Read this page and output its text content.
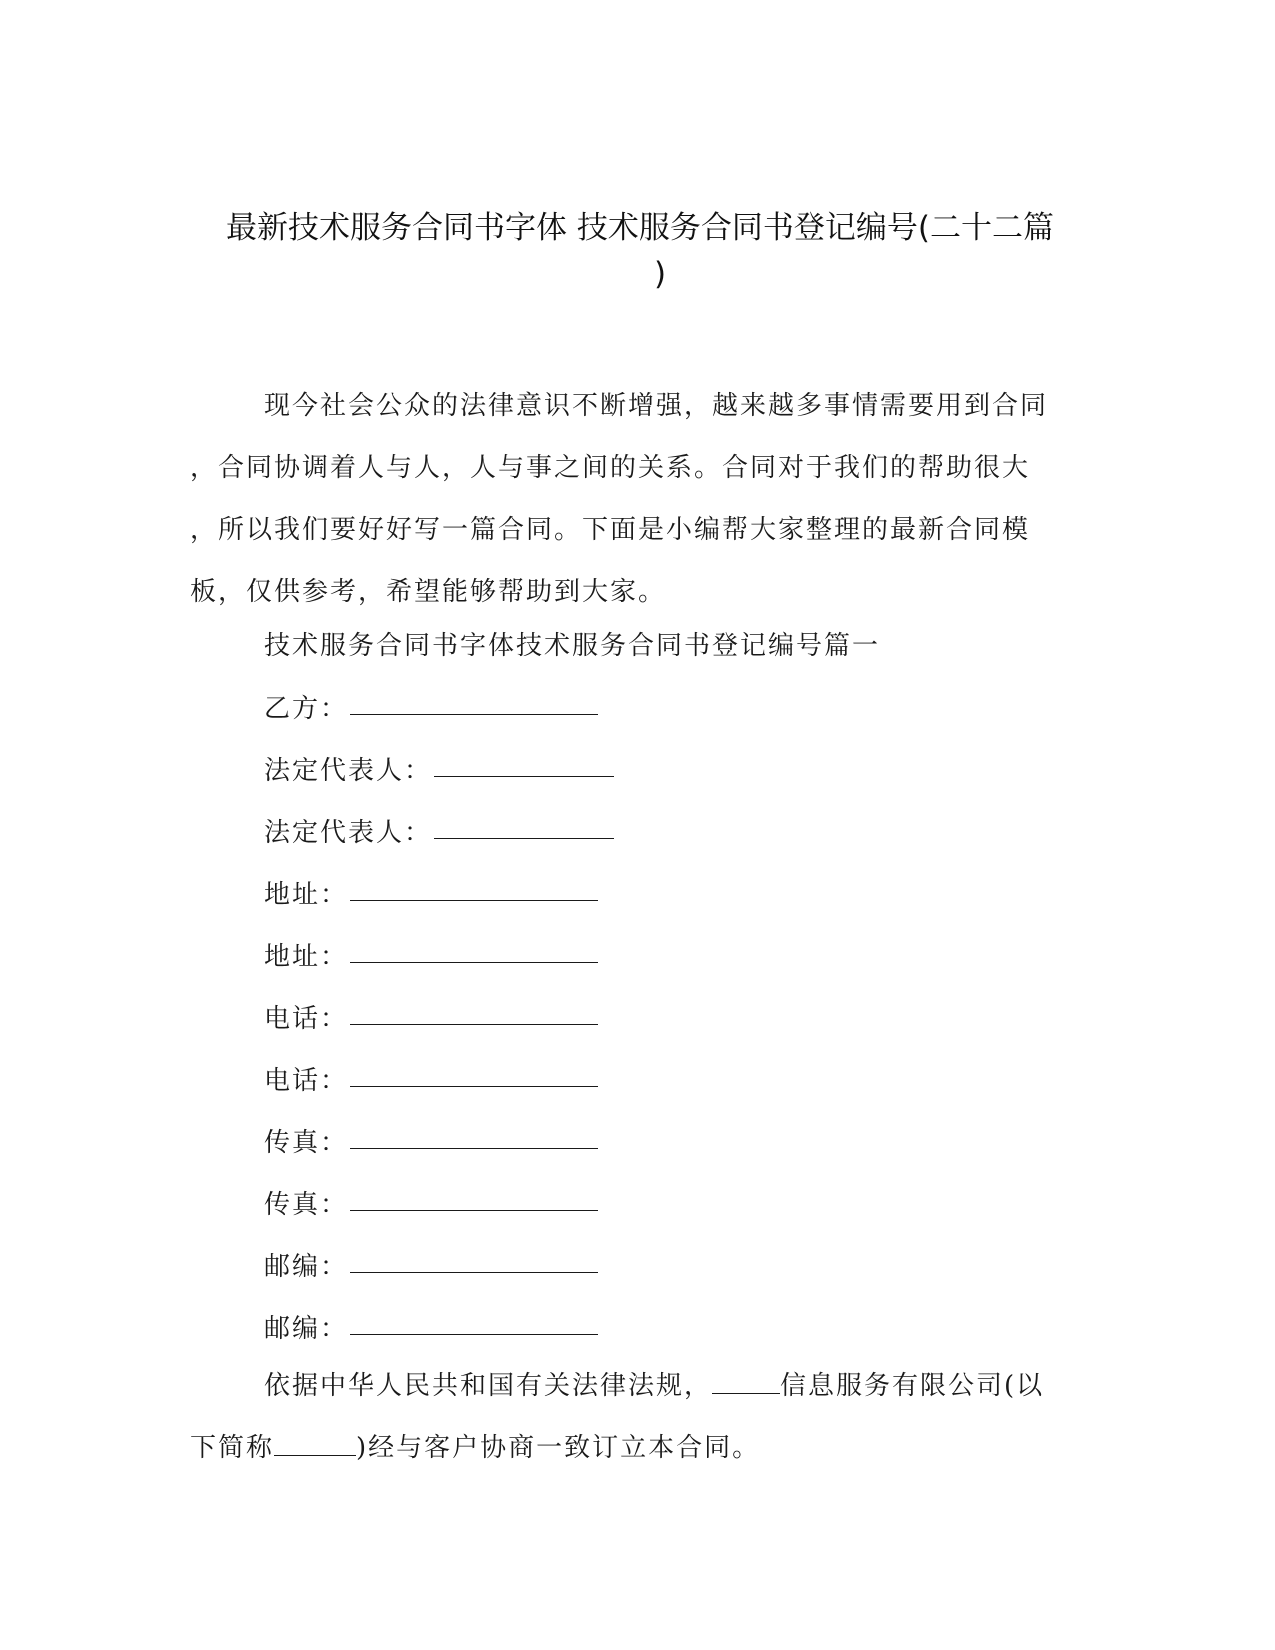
最新技术服务合同书字体 技术服务合同书登记编号(二十二篇
)
现今社会公众的法律意识不断增强，越来越多事情需要用到合同
，合同协调着人与人，人与事之间的关系。合同对于我们的帮助很大
，所以我们要好好写一篇合同。下面是小编帮大家整理的最新合同模
板，仅供参考，希望能够帮助到大家。
技术服务合同书字体技术服务合同书登记编号篇一
乙方：
法定代表人：
法定代表人：
地址：
地址：
电话：
电话：
传真：
传真：
邮编：
邮编：
依据中华人民共和国有关法律法规，	信息服务有限公司(以
下简称	)经与客户协商一致订立本合同。
